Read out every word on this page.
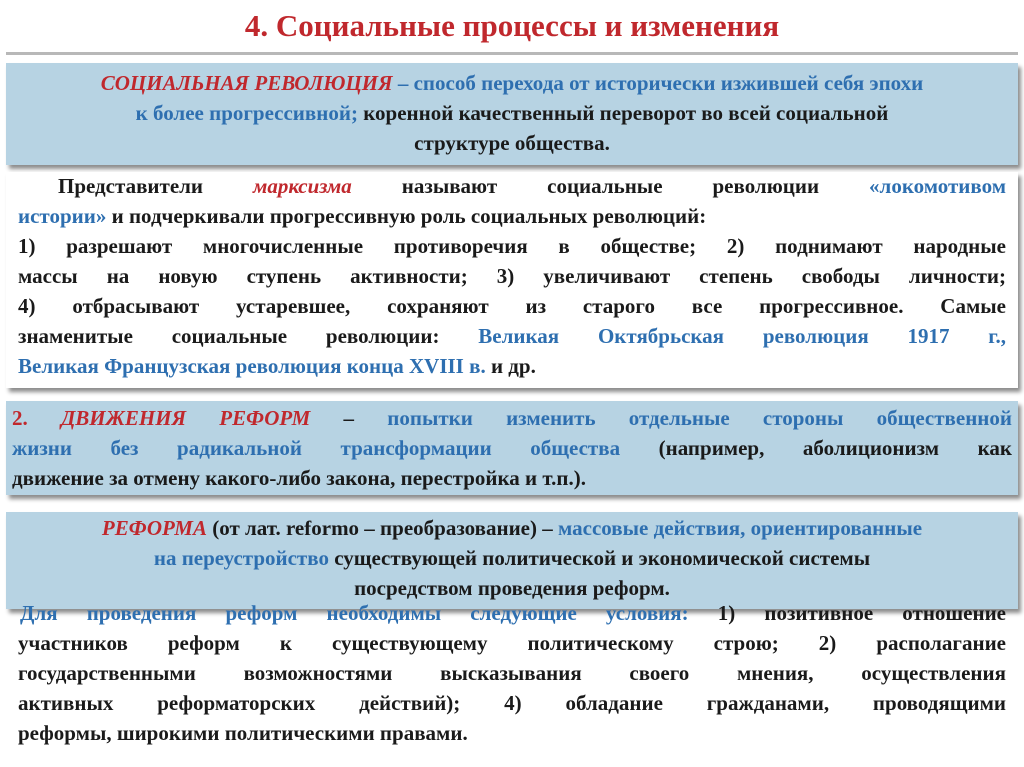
4. Социальные процессы и изменения
СОЦИАЛЬНАЯ РЕВОЛЮЦИЯ – способ перехода от исторически изжившей себя эпохи
к более прогрессивной; коренной качественный переворот во всей социальной
структуре общества.
Представители марксизма называют социальные революции «локомотивом
истории» и подчеркивали прогрессивную роль социальных революций:
1) разрешают многочисленные противоречия в обществе; 2) поднимают народные
массы на новую ступень активности; 3) увеличивают степень свободы личности;
4) отбрасывают устаревшее, сохраняют из старого все прогрессивное. Самые
знаменитые социальные революции: Великая Октябрьская революция 1917 г.,
Великая Французская революция конца XVIII в. и др.
2. ДВИЖЕНИЯ РЕФОРМ – попытки изменить отдельные стороны общественной
жизни без радикальной трансформации общества (например, аболиционизм как
движение за отмену какого-либо закона, перестройка и т.п.).
РЕФОРМА (от лат. reformo – преобразование) – массовые действия, ориентированные
на переустройство существующей политической и экономической системы
посредством проведения реформ.
Для проведения реформ необходимы следующие условия: 1) позитивное отношение
участников реформ к существующему политическому строю; 2) располагание
государственными возможностями высказывания своего мнения, осуществления
активных реформаторских действий); 4) обладание гражданами, проводящими
реформы, широкими политическими правами.
